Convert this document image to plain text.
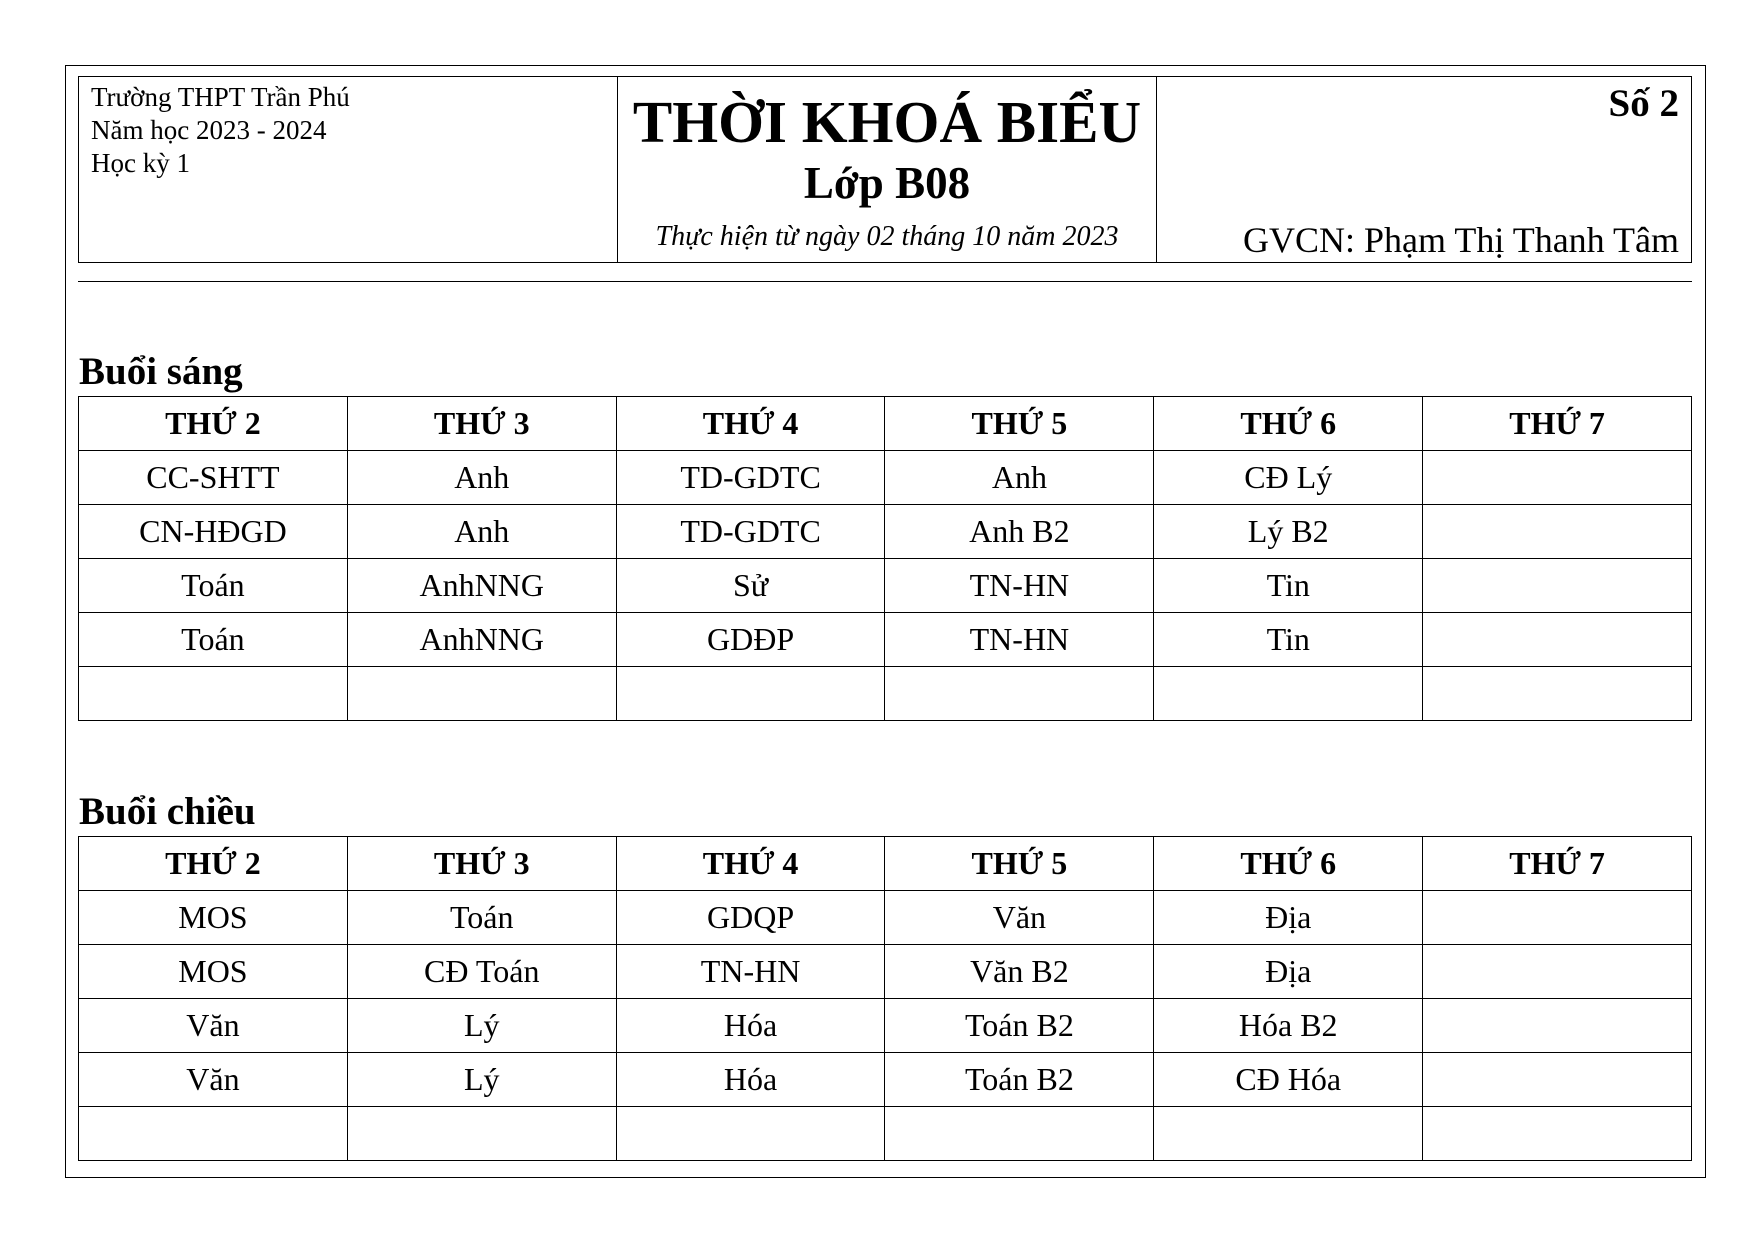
Trường THPT Trần Phú
Năm học 2023 - 2024
Học kỳ 1
THỜI KHOÁ BIỂU
Lớp B08
Thực hiện từ ngày 02 tháng 10 năm 2023
Số 2
GVCN: Phạm Thị Thanh Tâm
Buổi sáng
THỨ 2	THỨ 3	THỨ 4	THỨ 5	THỨ 6	THỨ 7
CC-SHTT	Anh	TD-GDTC	Anh	CĐ Lý	
CN-HĐGD	Anh	TD-GDTC	Anh B2	Lý B2	
Toán	AnhNNG	Sử	TN-HN	Tin	
Toán	AnhNNG	GDĐP	TN-HN	Tin	

Buổi chiều
THỨ 2	THỨ 3	THỨ 4	THỨ 5	THỨ 6	THỨ 7
MOS	Toán	GDQP	Văn	Địa	
MOS	CĐ Toán	TN-HN	Văn B2	Địa	
Văn	Lý	Hóa	Toán B2	Hóa B2	
Văn	Lý	Hóa	Toán B2	CĐ Hóa	
